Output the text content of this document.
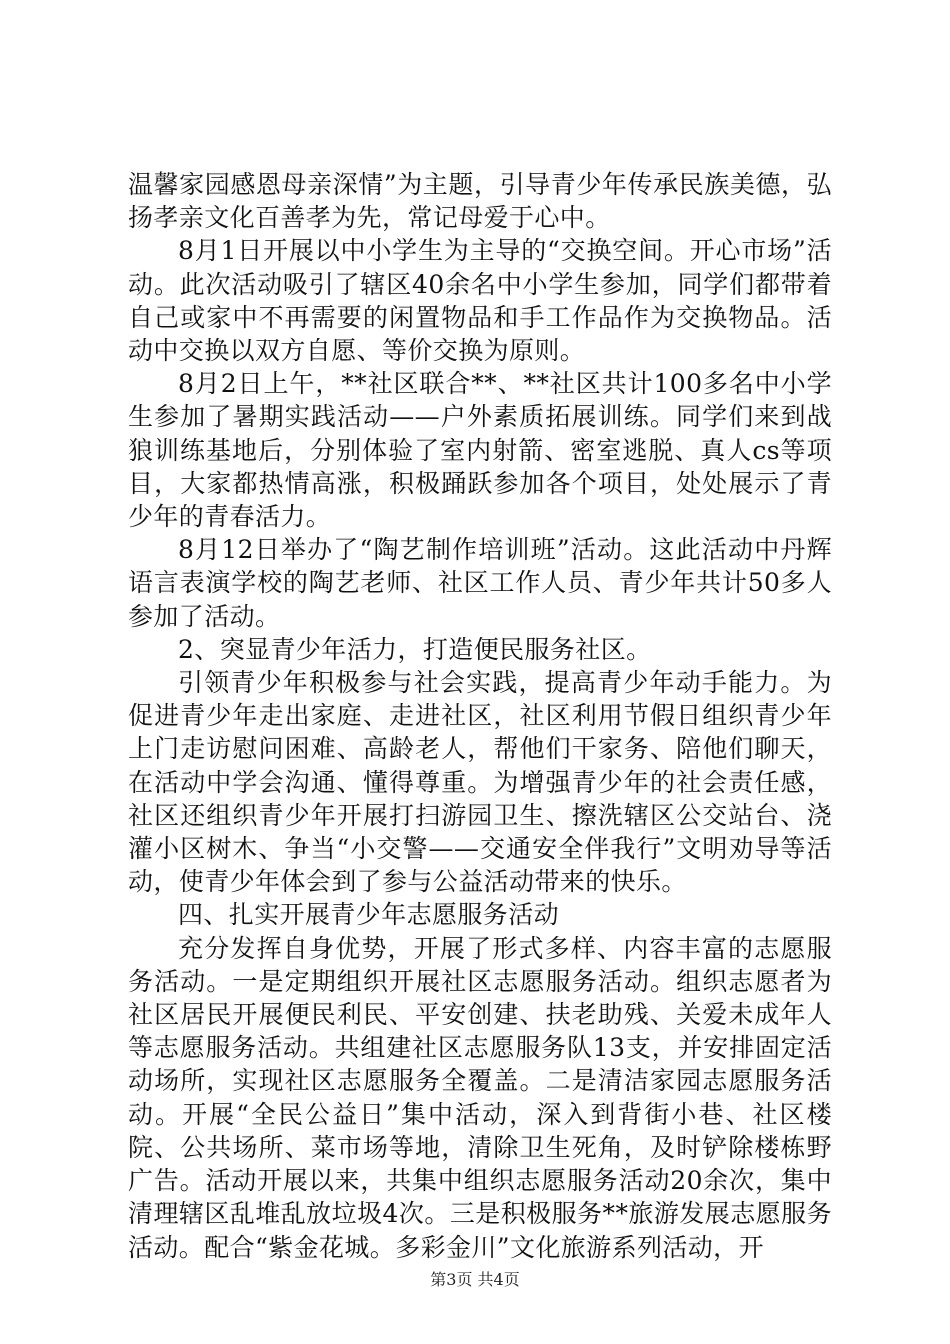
温馨家园感恩母亲深情”为主题，引导青少年传承民族美德，弘扬孝亲文化百善孝为先，常记母爱于心中。

8月1日开展以中小学生为主导的“交换空间。开心市场”活动。此次活动吸引了辖区40余名中小学生参加，同学们都带着自己或家中不再需要的闲置物品和手工作品作为交换物品。活动中交换以双方自愿、等价交换为原则。

8月2日上午，**社区联合**、**社区共计100多名中小学生参加了暑期实践活动——户外素质拓展训练。同学们来到战狼训练基地后，分别体验了室内射箭、密室逃脱、真人cs等项目，大家都热情高涨，积极踊跃参加各个项目，处处展示了青少年的青春活力。

8月12日举办了“陶艺制作培训班”活动。这此活动中丹辉语言表演学校的陶艺老师、社区工作人员、青少年共计50多人参加了活动。

2、突显青少年活力，打造便民服务社区。

引领青少年积极参与社会实践，提高青少年动手能力。为促进青少年走出家庭、走进社区，社区利用节假日组织青少年上门走访慰问困难、高龄老人，帮他们干家务、陪他们聊天，在活动中学会沟通、懂得尊重。为增强青少年的社会责任感，社区还组织青少年开展打扫游园卫生、擦洗辖区公交站台、浇灌小区树木、争当“小交警——交通安全伴我行”文明劝导等活动，使青少年体会到了参与公益活动带来的快乐。

四、扎实开展青少年志愿服务活动

充分发挥自身优势，开展了形式多样、内容丰富的志愿服务活动。一是定期组织开展社区志愿服务活动。组织志愿者为社区居民开展便民利民、平安创建、扶老助残、关爱未成年人等志愿服务活动。共组建社区志愿服务队13支，并安排固定活动场所，实现社区志愿服务全覆盖。二是清洁家园志愿服务活动。开展“全民公益日”集中活动，深入到背街小巷、社区楼院、公共场所、菜市场等地，清除卫生死角，及时铲除楼栋野广告。活动开展以来，共集中组织志愿服务活动20余次，集中清理辖区乱堆乱放垃圾4次。三是积极服务**旅游发展志愿服务活动。配合“紫金花城。多彩金川”文化旅游系列活动，开

第3页 共4页
